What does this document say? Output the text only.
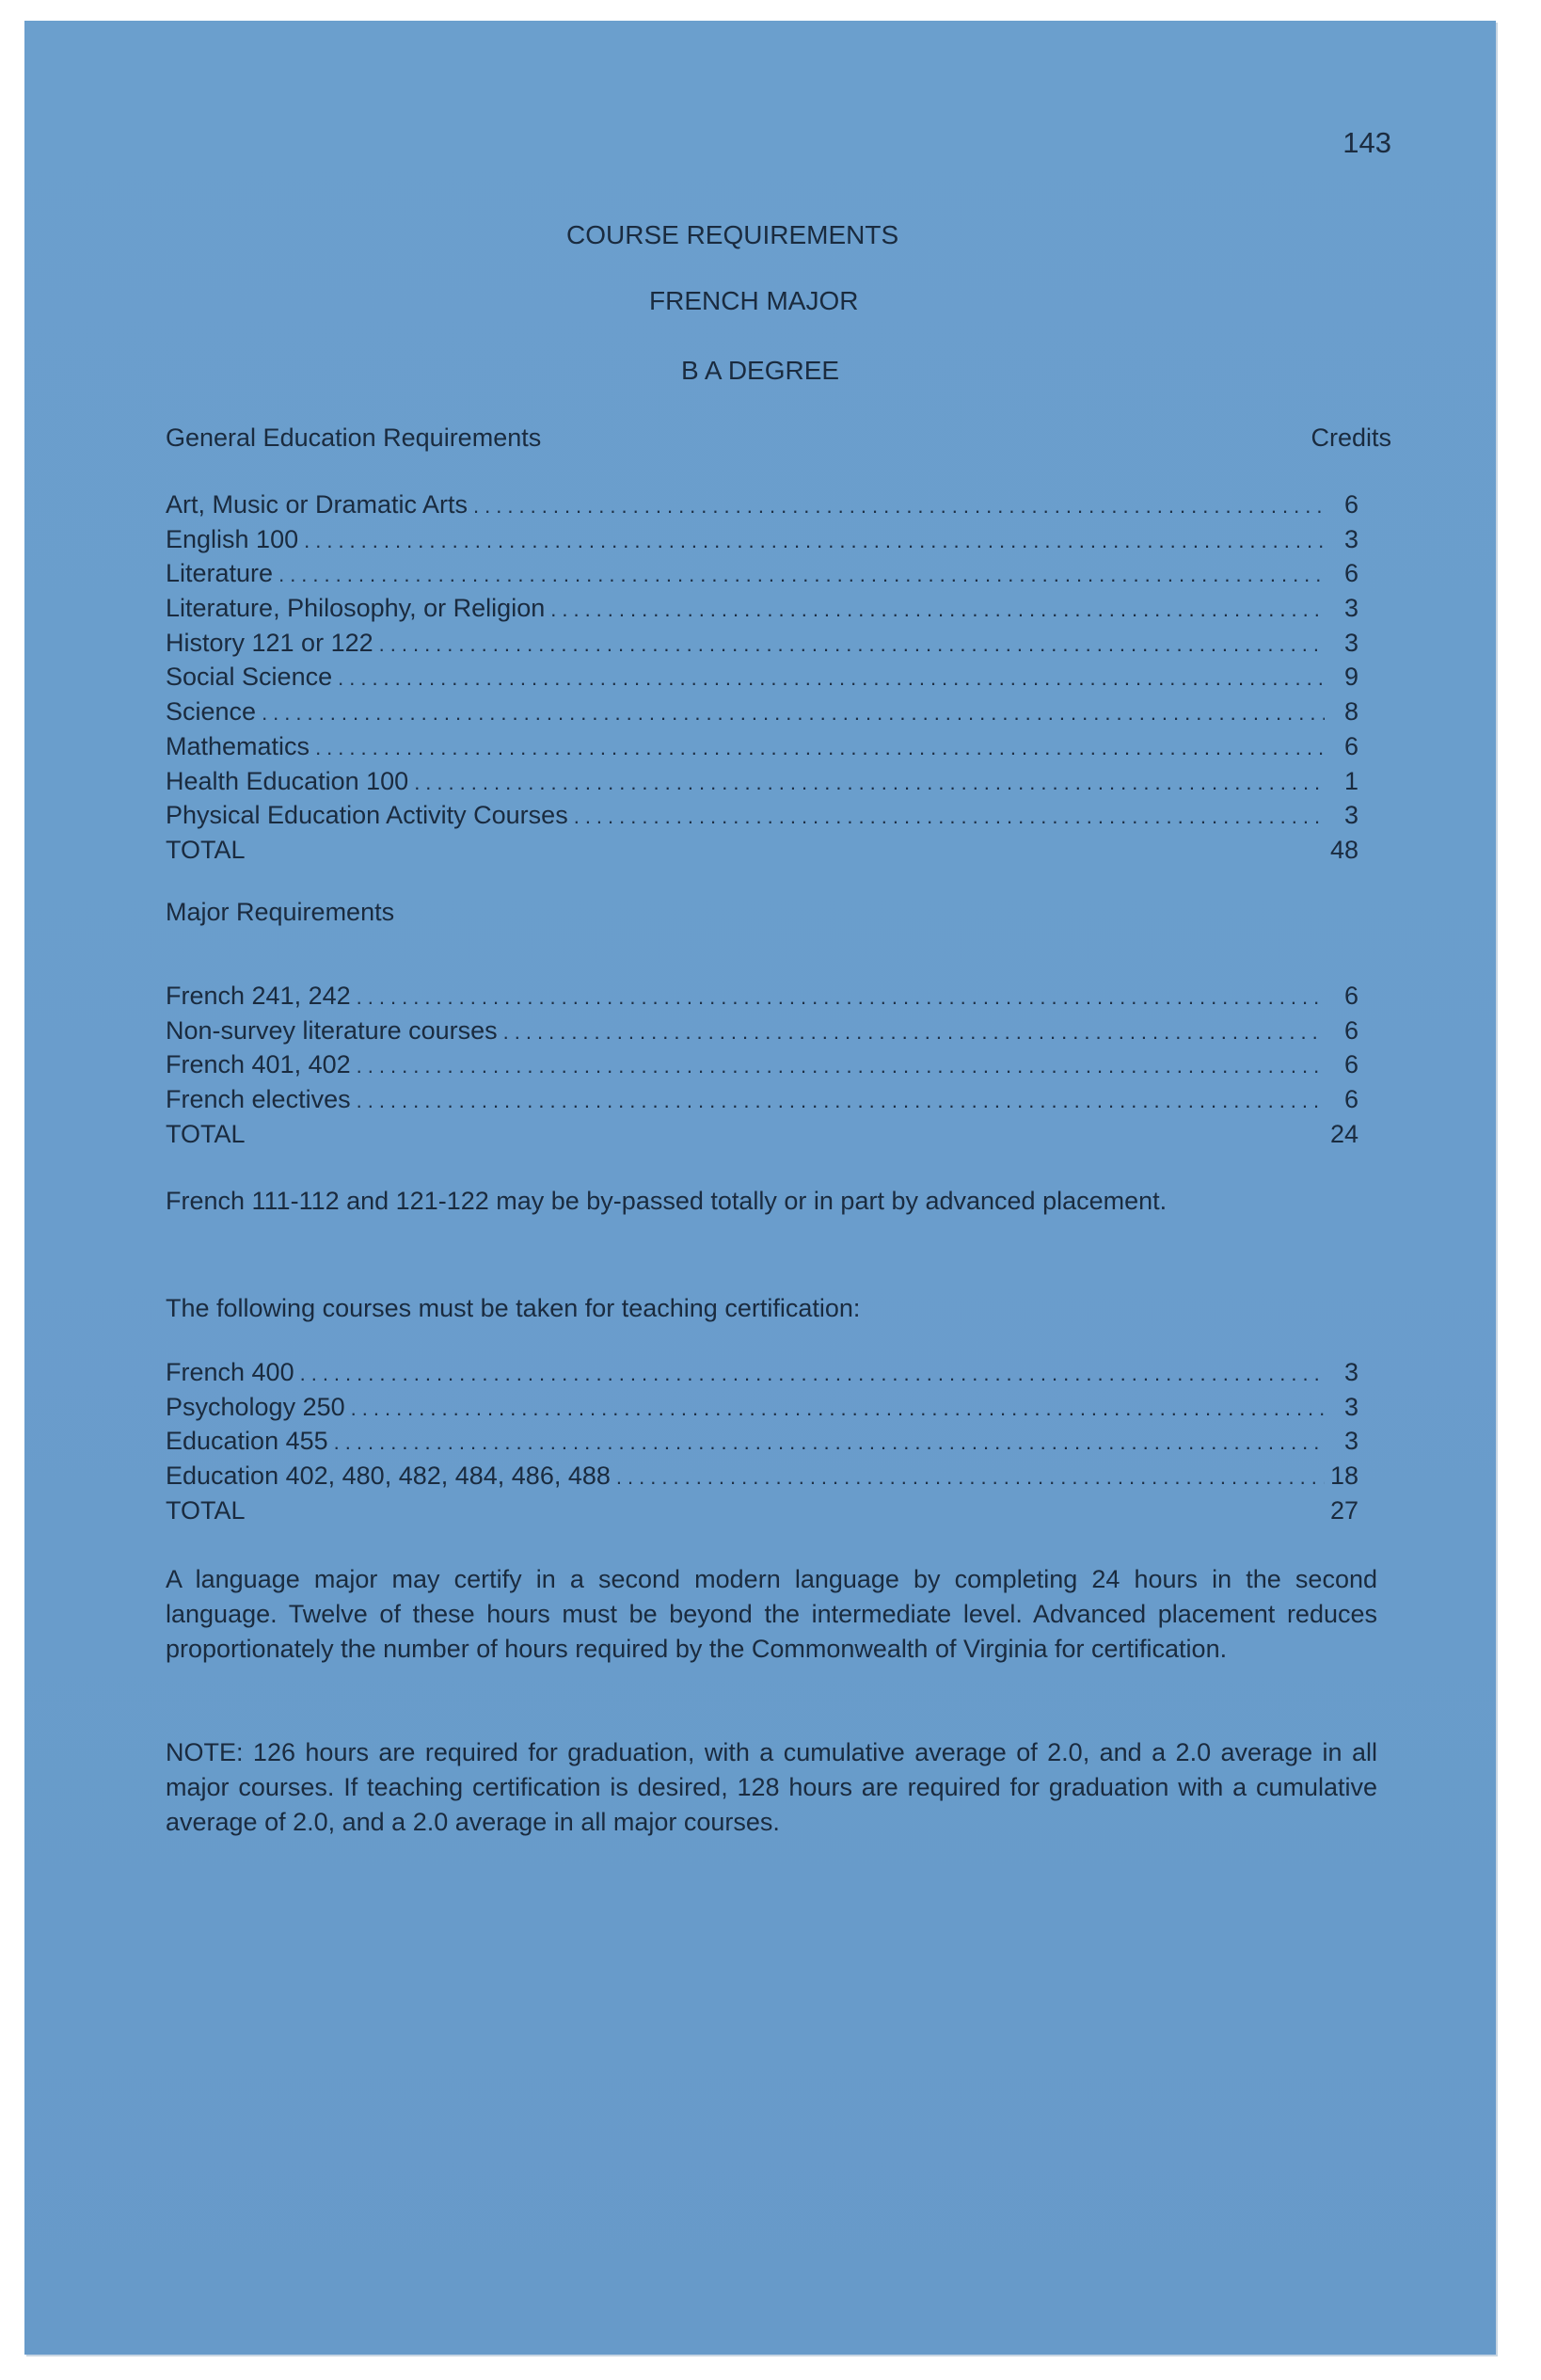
143
COURSE REQUIREMENTS
FRENCH MAJOR
B A DEGREE
General Education Requirements	Credits
Art, Music or Dramatic Arts .....	6
English 100 .....	3
Literature .....	6
Literature, Philosophy, or Religion .....	3
History 121 or 122 .....	3
Social Science .....	9
Science .....	8
Mathematics .....	6
Health Education 100 .....	1
Physical Education Activity Courses .....	3
TOTAL	48
Major Requirements
French 241, 242 .....	6
Non-survey literature courses .....	6
French 401, 402 .....	6
French electives .....	6
TOTAL	24
French 111-112 and 121-122 may be by-passed totally or in part by advanced placement.
The following courses must be taken for teaching certification:
French 400 .....	3
Psychology 250 .....	3
Education 455 .....	3
Education 402, 480, 482, 484, 486, 488 .....	18
TOTAL	27
A language major may certify in a second modern language by completing 24 hours in the second language. Twelve of these hours must be beyond the intermediate level. Advanced placement reduces proportionately the number of hours required by the Commonwealth of Virginia for certification.
NOTE: 126 hours are required for graduation, with a cumulative average of 2.0, and a 2.0 average in all major courses. If teaching certification is desired, 128 hours are required for graduation with a cumulative average of 2.0, and a 2.0 average in all major courses.
